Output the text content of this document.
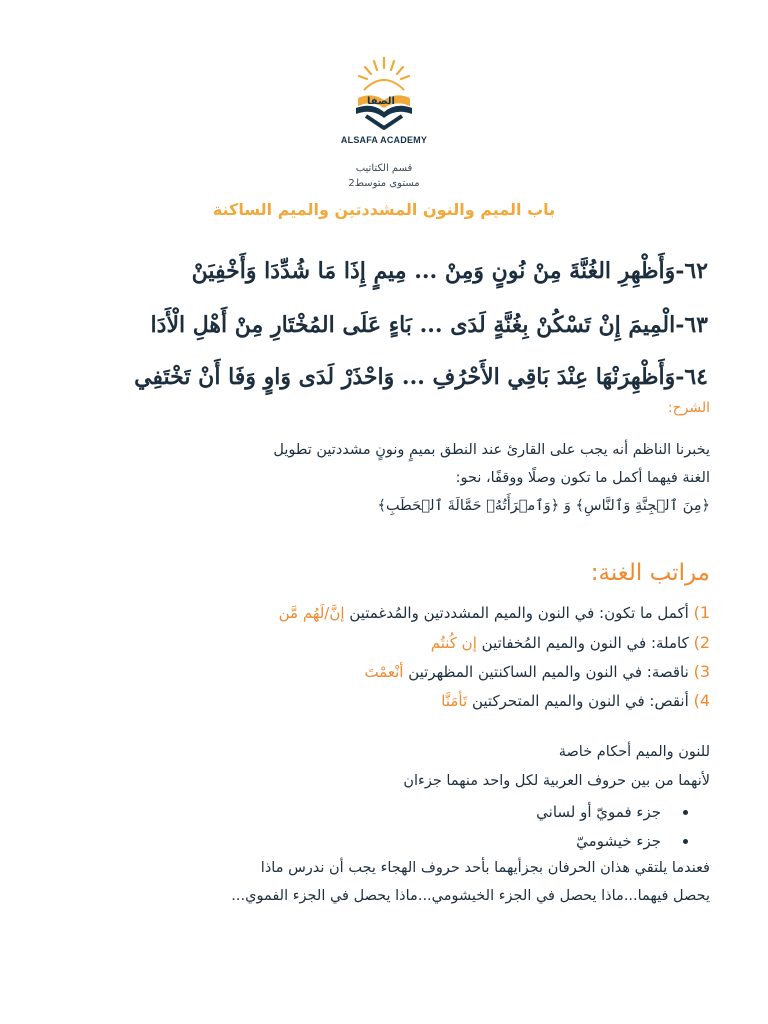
ALSAFA ACADEMY
الصفا
قسم الكتاتيب
مستوى متوسط2
باب الميم والنون المشددتين والميم الساكنة
٦٢-وَأَظْهِرِ الغُنَّةَ مِنْ نُونٍ وَمِنْ ... مِيمٍ إِذَا مَا شُدِّدَا وَأَخْفِيَنْ
٦٣-الْمِيمَ إِنْ تَسْكُنْ بِغُنَّةٍ لَدَى ... بَاءٍ عَلَى المُخْتَارِ مِنْ أَهْلِ الْأَدَا
٦٤-وَأَظْهِرَنْهَا عِنْدَ بَاقِي الأَحْرُفِ ... وَاحْذَرْ لَدَى وَاوٍ وَفَا أَنْ تَخْتَفِي
الشرح:
يخبرنا الناظم أنه يجب على القارئ عند النطق بميمٍ ونونٍ مشددتين تطويل
الغنة فيهما أكمل ما تكون وصلًا ووقفًا، نحو:
﴿مِنَ ٱلۡجِنَّةِ وَٱلنَّاسِ﴾ وَ ﴿وَٱمۡرَأَتُهُۥ حَمَّالَةَ ٱلۡحَطَبِ﴾
مراتب الغنة:
1) أكمل ما تكون: في النون والميم المشددتين والمُدغمتين إنَّ/لَهُم مَّن
2) كاملة: في النون والميم المُخفاتين إن كُنتُم
3) ناقصة: في النون والميم الساكنتين المظهرتين أنْعمْتَ
4) أنقص: في النون والميم المتحركتين تَأمَنَّا
للنون والميم أحكام خاصة
لأنهما من بين حروف العربية لكل واحد منهما جزءان
جزء فمويّ أو لساني
جزء خيشوميّ
فعندما يلتقي هذان الحرفان بجزأيهما بأحد حروف الهجاء يجب أن ندرس ماذا
يحصل فيهما...ماذا يحصل في الجزء الخيشومي...ماذا يحصل في الجزء الفموي...
